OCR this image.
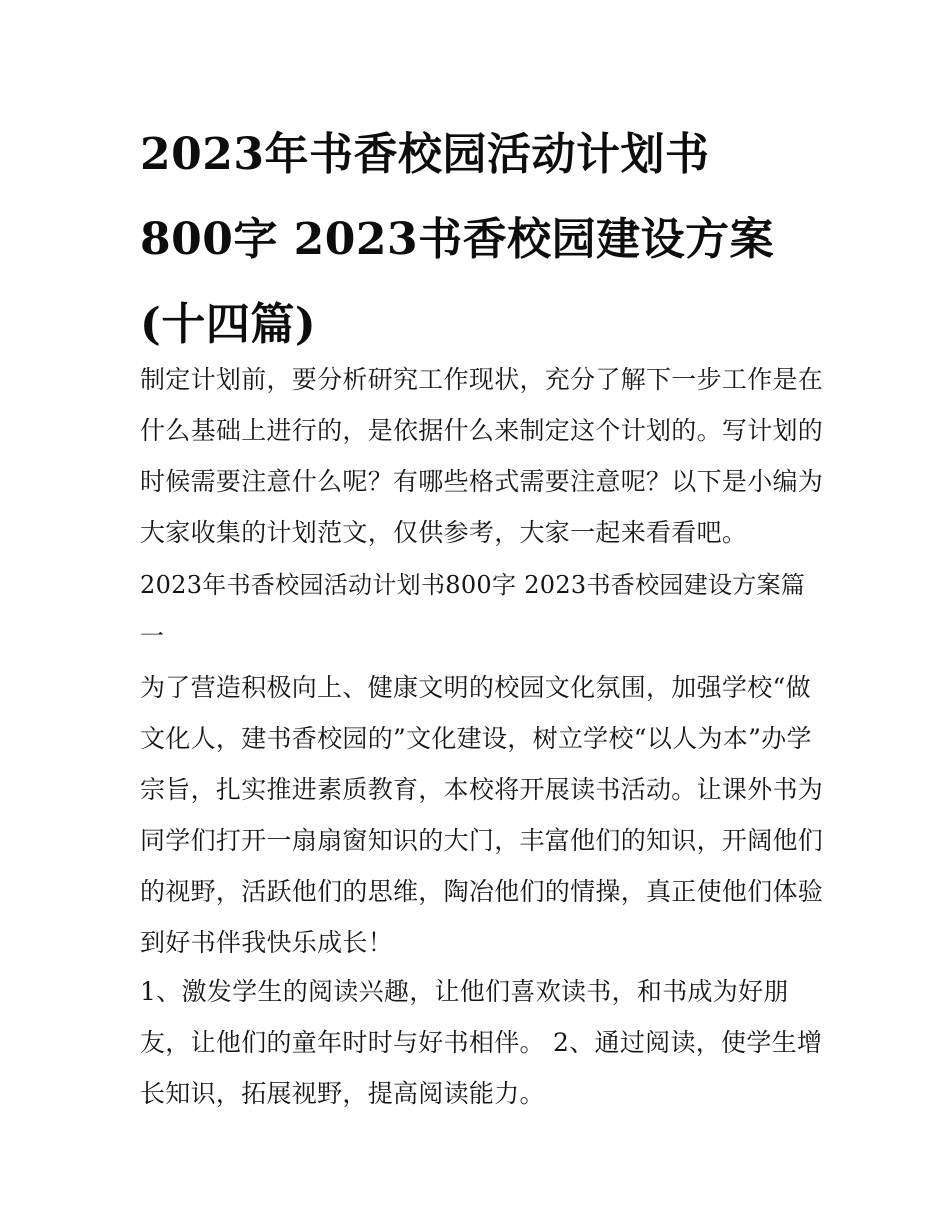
2023年书香校园活动计划书
800字 2023书香校园建设方案
(十四篇)

制定计划前，要分析研究工作现状，充分了解下一步工作是在
什么基础上进行的，是依据什么来制定这个计划的。写计划的
时候需要注意什么呢？有哪些格式需要注意呢？以下是小编为
大家收集的计划范文，仅供参考，大家一起来看看吧。

2023年书香校园活动计划书800字 2023书香校园建设方案篇
一

为了营造积极向上、健康文明的校园文化氛围，加强学校“做
文化人，建书香校园的”文化建设，树立学校“以人为本”办学
宗旨，扎实推进素质教育，本校将开展读书活动。让课外书为
同学们打开一扇扇窗知识的大门，丰富他们的知识，开阔他们
的视野，活跃他们的思维，陶冶他们的情操，真正使他们体验
到好书伴我快乐成长！

1、激发学生的阅读兴趣，让他们喜欢读书，和书成为好朋
友，让他们的童年时时与好书相伴。 2、通过阅读，使学生增
长知识，拓展视野，提高阅读能力。
